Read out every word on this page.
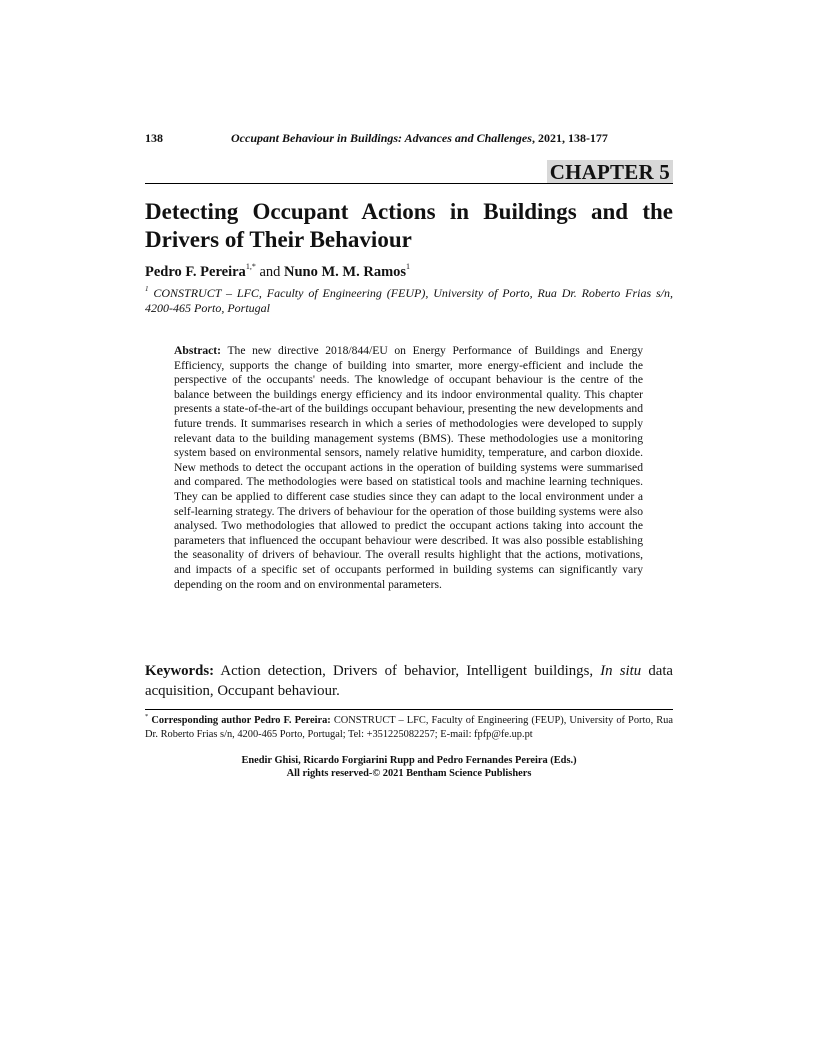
138	Occupant Behaviour in Buildings: Advances and Challenges, 2021, 138-177
CHAPTER 5
Detecting Occupant Actions in Buildings and the Drivers of Their Behaviour
Pedro F. Pereira$^{1,*}$ and Nuno M. M. Ramos$^1$
$^1$ CONSTRUCT – LFC, Faculty of Engineering (FEUP), University of Porto, Rua Dr. Roberto Frias s/n, 4200-465 Porto, Portugal
Abstract: The new directive 2018/844/EU on Energy Performance of Buildings and Energy Efficiency, supports the change of building into smarter, more energy-efficient and include the perspective of the occupants' needs. The knowledge of occupant behaviour is the centre of the balance between the buildings energy efficiency and its indoor environmental quality. This chapter presents a state-of-the-art of the buildings occupant behaviour, presenting the new developments and future trends. It summarises research in which a series of methodologies were developed to supply relevant data to the building management systems (BMS). These methodologies use a monitoring system based on environmental sensors, namely relative humidity, temperature, and carbon dioxide. New methods to detect the occupant actions in the operation of building systems were summarised and compared. The methodologies were based on statistical tools and machine learning techniques. They can be applied to different case studies since they can adapt to the local environment under a self-learning strategy. The drivers of behaviour for the operation of those building systems were also analysed. Two methodologies that allowed to predict the occupant actions taking into account the parameters that influenced the occupant behaviour were described. It was also possible establishing the seasonality of drivers of behaviour. The overall results highlight that the actions, motivations, and impacts of a specific set of occupants performed in building systems can significantly vary depending on the room and on environmental parameters.
Keywords: Action detection, Drivers of behavior, Intelligent buildings, In situ data acquisition, Occupant behaviour.
* Corresponding author Pedro F. Pereira: CONSTRUCT – LFC, Faculty of Engineering (FEUP), University of Porto, Rua Dr. Roberto Frias s/n, 4200-465 Porto, Portugal; Tel: +351225082257; E-mail: fpfp@fe.up.pt
Enedir Ghisi, Ricardo Forgiarini Rupp and Pedro Fernandes Pereira (Eds.)
All rights reserved-© 2021 Bentham Science Publishers
